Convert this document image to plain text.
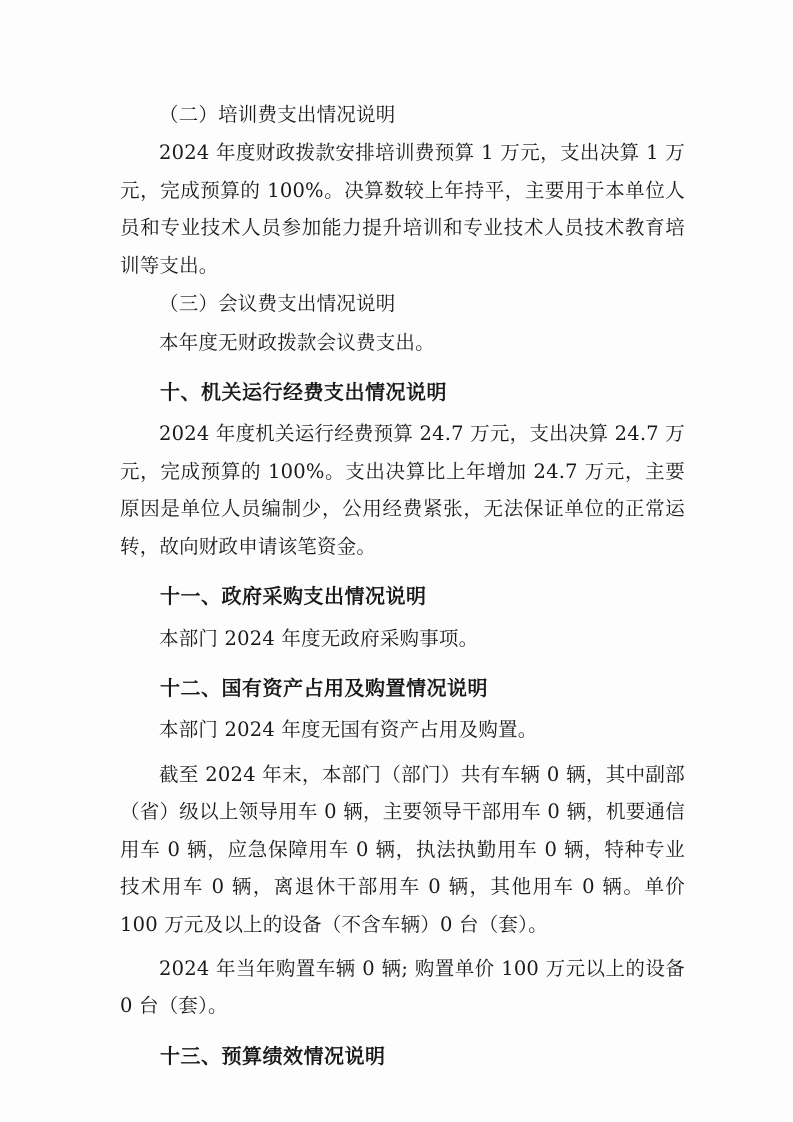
（二）培训费支出情况说明

2024 年度财政拨款安排培训费预算 1 万元，支出决算 1 万元，完成预算的 100%。决算数较上年持平，主要用于本单位人员和专业技术人员参加能力提升培训和专业技术人员技术教育培训等支出。

（三）会议费支出情况说明

本年度无财政拨款会议费支出。

十、机关运行经费支出情况说明

2024 年度机关运行经费预算 24.7 万元，支出决算 24.7 万元，完成预算的 100%。支出决算比上年增加 24.7 万元，主要原因是单位人员编制少，公用经费紧张，无法保证单位的正常运转，故向财政申请该笔资金。

十一、政府采购支出情况说明

本部门 2024 年度无政府采购事项。

十二、国有资产占用及购置情况说明

本部门 2024 年度无国有资产占用及购置。

截至 2024 年末，本部门（部门）共有车辆 0 辆，其中副部（省）级以上领导用车 0 辆，主要领导干部用车 0 辆，机要通信用车 0 辆，应急保障用车 0 辆，执法执勤用车 0 辆，特种专业技术用车 0 辆，离退休干部用车 0 辆，其他用车 0 辆。单价 100 万元及以上的设备（不含车辆）0 台（套）。

2024 年当年购置车辆 0 辆; 购置单价 100 万元以上的设备 0 台（套）。

十三、预算绩效情况说明
